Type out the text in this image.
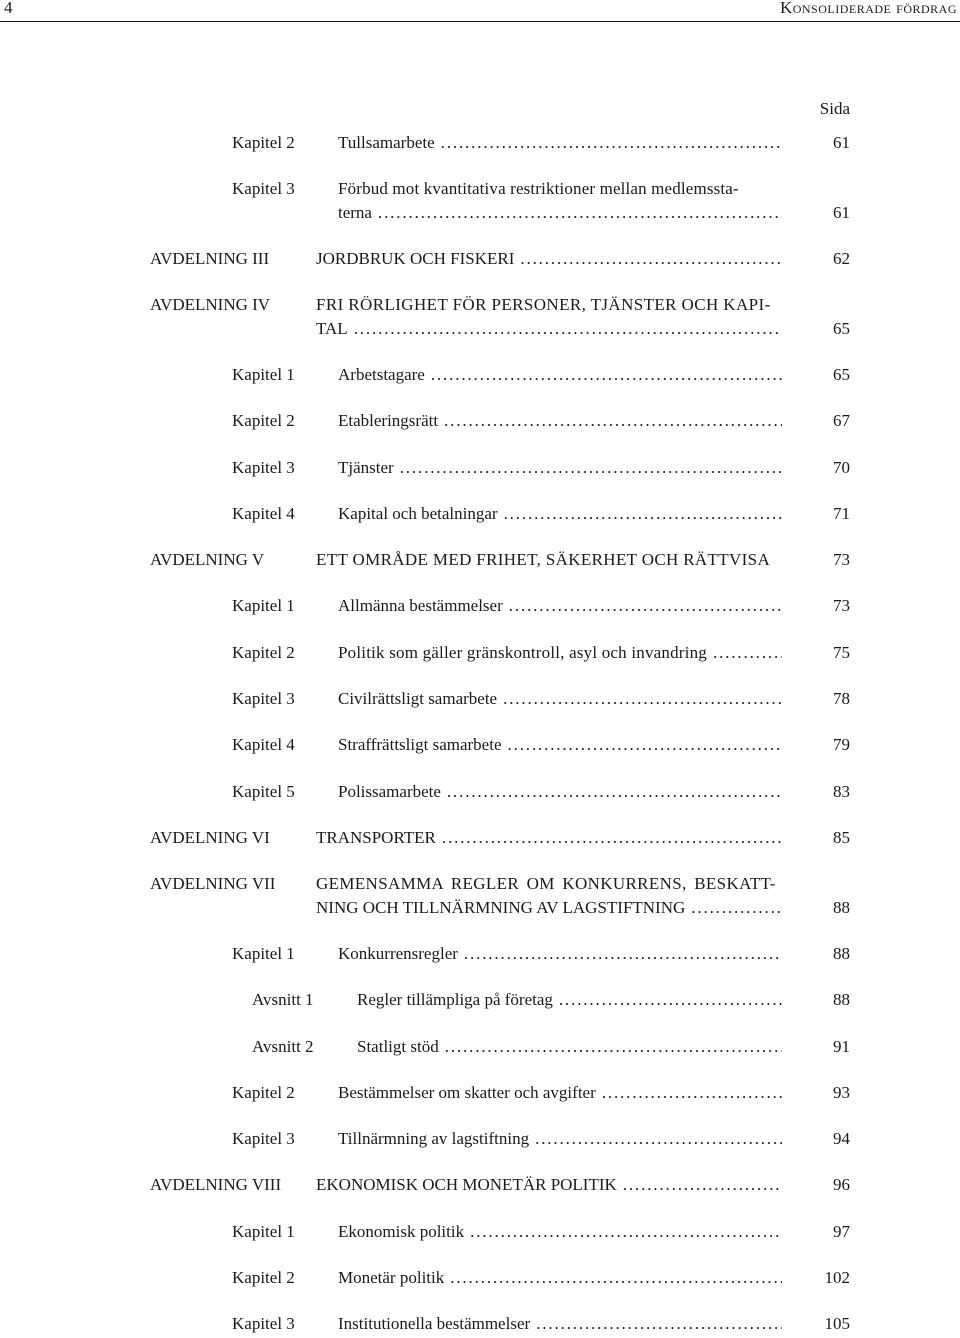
4	Konsoliderade fördrag
Sida
Kapitel 2	Tullsamarbete . . .	61
Kapitel 3	Förbud mot kvantitativa restriktioner mellan medlemssta-
terna . . .	61
AVDELNING III	JORDBRUK OCH FISKERI . . .	62
AVDELNING IV	FRI RÖRLIGHET FÖR PERSONER, TJÄNSTER OCH KAPI-
TAL . . .	65
Kapitel 1	Arbetstagare . . .	65
Kapitel 2	Etableringsrätt . . .	67
Kapitel 3	Tjänster . . .	70
Kapitel 4	Kapital och betalningar . . .	71
AVDELNING V	ETT OMRÅDE MED FRIHET, SÄKERHET OCH RÄTTVISA	73
Kapitel 1	Allmänna bestämmelser . . .	73
Kapitel 2	Politik som gäller gränskontroll, asyl och invandring . . .	75
Kapitel 3	Civilrättsligt samarbete . . .	78
Kapitel 4	Straffrättsligt samarbete . . .	79
Kapitel 5	Polissamarbete . . .	83
AVDELNING VI	TRANSPORTER . . .	85
AVDELNING VII GEMENSAMMA REGLER OM KONKURRENS, BESKATT-
NING OCH TILLNÄRMNING AV LAGSTIFTNING . . .	88
Kapitel 1	Konkurrensregler . . .	88
Avsnitt 1	Regler tillämpliga på företag . . .	88
Avsnitt 2	Statligt stöd . . .	91
Kapitel 2	Bestämmelser om skatter och avgifter . . .	93
Kapitel 3	Tillnärmning av lagstiftning . . .	94
AVDELNING VIII EKONOMISK OCH MONETÄR POLITIK . . .	96
Kapitel 1	Ekonomisk politik . . .	97
Kapitel 2	Monetär politik . . .	102
Kapitel 3	Institutionella bestämmelser . . .	105
